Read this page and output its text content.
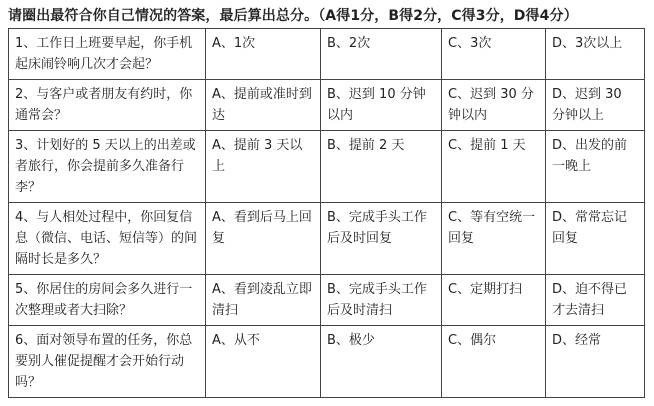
请圈出最符合你自己情况的答案，最后算出总分。（A得1分，B得2分，C得3分，D得4分）
1、工作日上班要早起，你手机起床闹铃响几次才会起？	A、1次	B、2次	C、3次	D、3次以上
2、与客户或者朋友有约时，你通常会？	A、提前或准时到达	B、迟到 10 分钟以内	C、迟到 30 分钟以内	D、迟到 30 分钟以上
3、计划好的 5 天以上的出差或者旅行，你会提前多久准备行李？	A、提前 3 天以上	B、提前 2 天	C、提前 1 天	D、出发的前一晚上
4、与人相处过程中，你回复信息（微信、电话、短信等）的间隔时长是多久？	A、看到后马上回复	B、完成手头工作后及时回复	C、等有空统一回复	D、常常忘记回复
5、你居住的房间会多久进行一次整理或者大扫除？	A、看到凌乱立即清扫	B、完成手头工作后及时清扫	C、定期打扫	D、迫不得已才去清扫
6、面对领导布置的任务，你总要别人催促提醒才会开始行动吗？	A、从不	B、极少	C、偶尔	D、经常
